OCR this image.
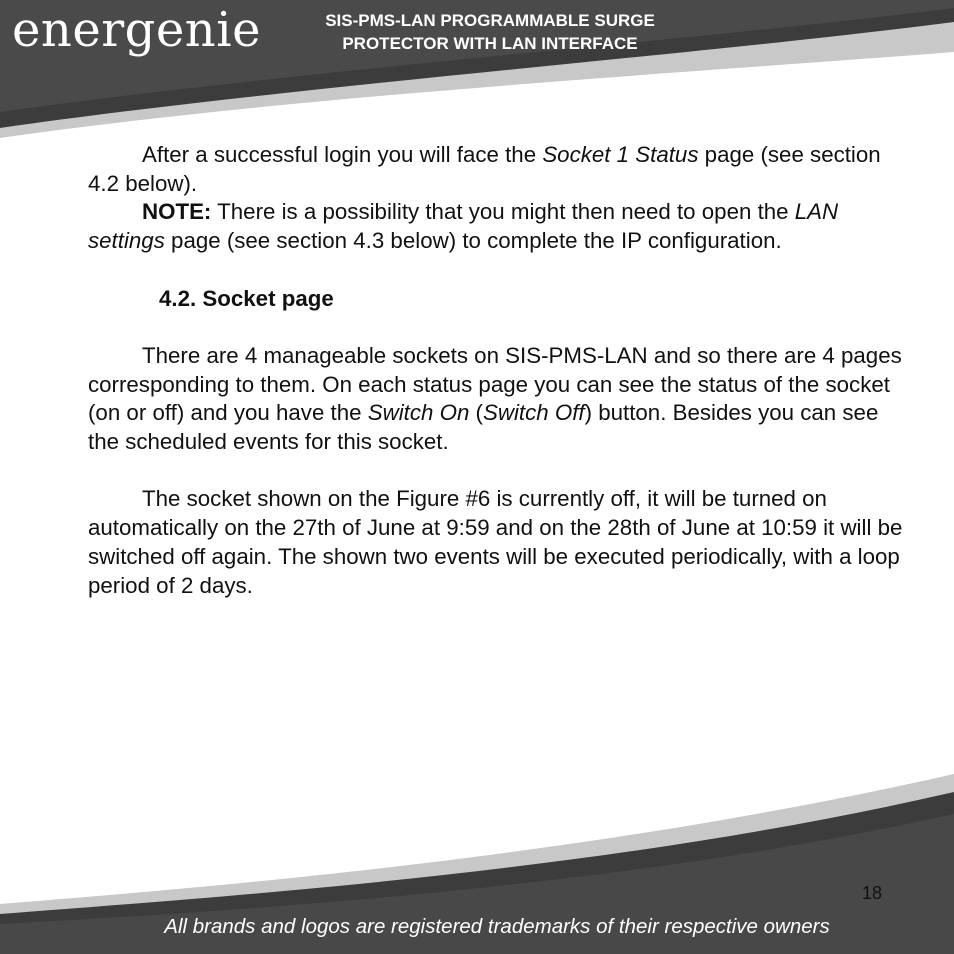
energenie	SIS-PMS-LAN PROGRAMMABLE SURGE
PROTECTOR WITH LAN INTERFACE

After a successful login you will face the Socket 1 Status page (see section 4.2 below).

NOTE: There is a possibility that you might then need to open the LAN settings page (see section 4.3 below) to complete the IP configuration.

4.2. Socket page

There are 4 manageable sockets on SIS-PMS-LAN and so there are 4 pages corresponding to them. On each status page you can see the status of the socket (on or off) and you have the Switch On (Switch Off) button. Besides you can see the scheduled events for this socket.

The socket shown on the Figure #6 is currently off, it will be turned on automatically on the 27th of June at 9:59 and on the 28th of June at 10:59 it will be switched off again. The shown two events will be executed periodically, with a loop period of 2 days.

18
All brands and logos are registered trademarks of their respective owners
